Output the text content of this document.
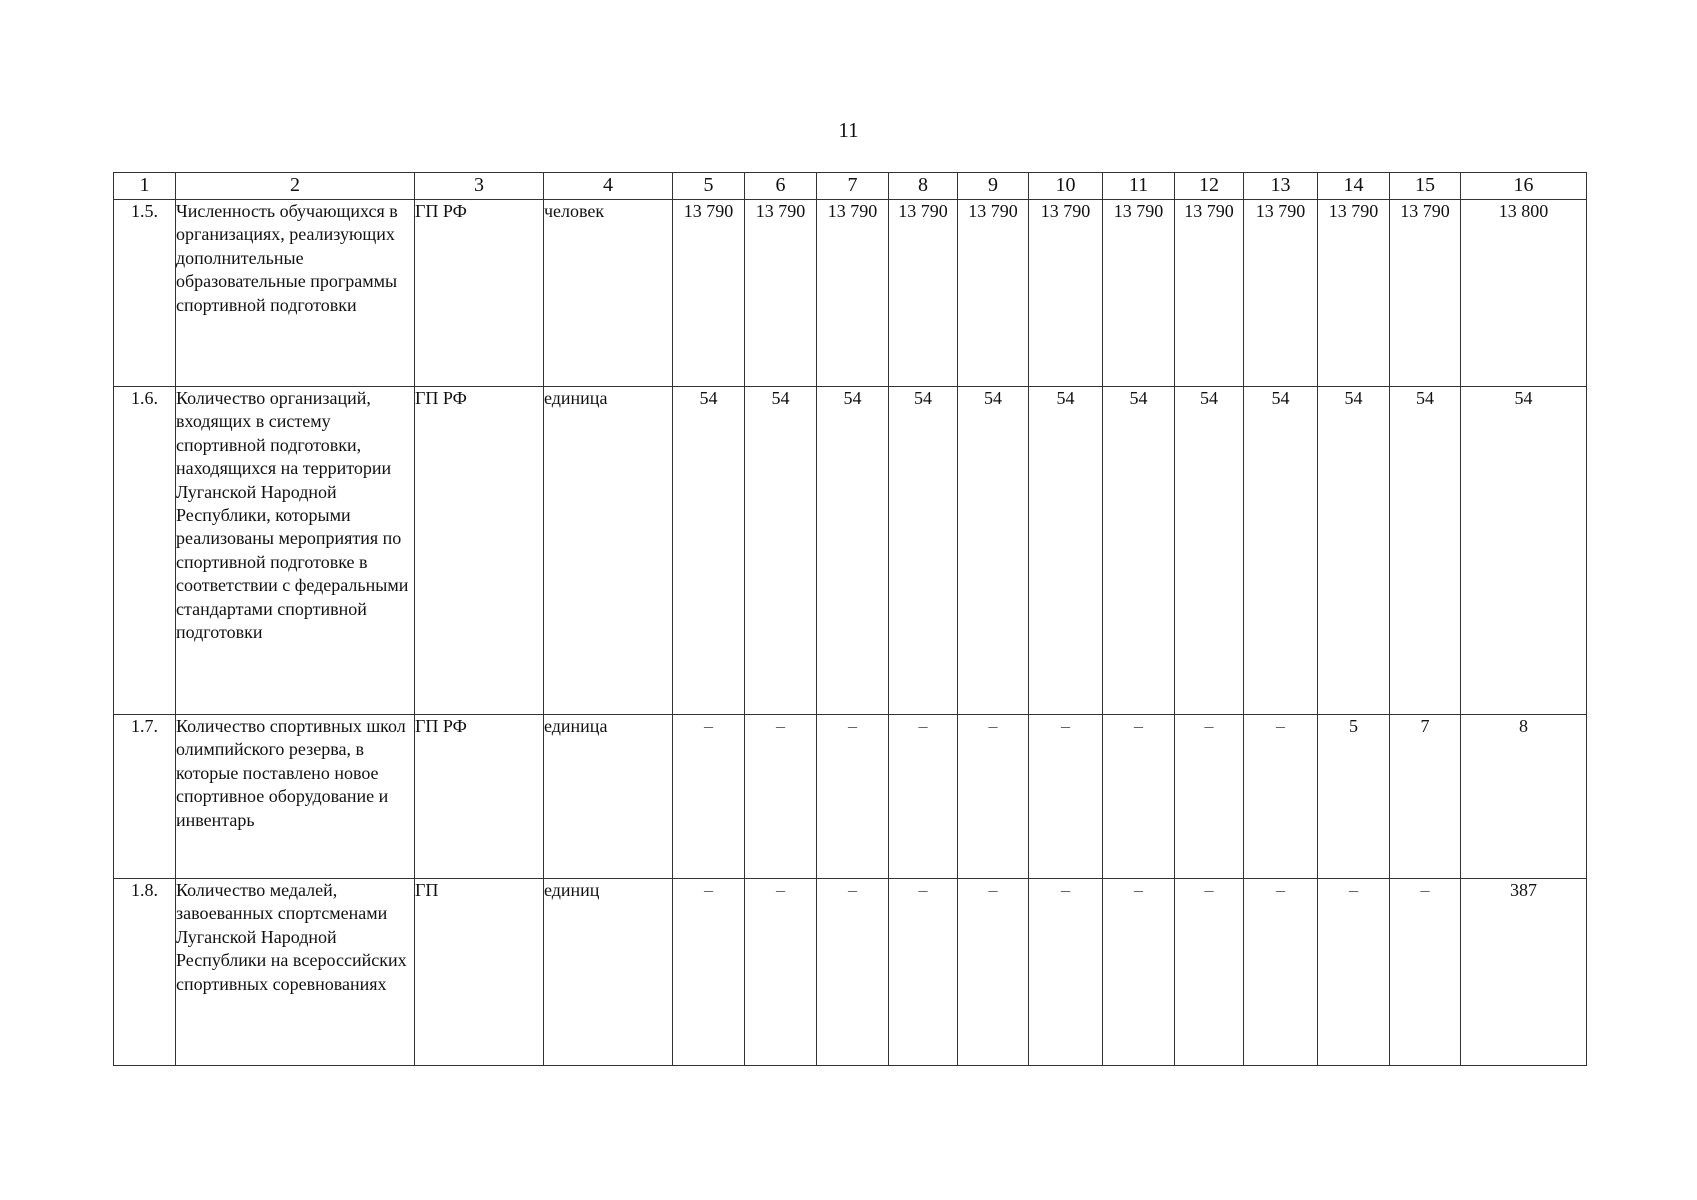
11
1	2	3	4	5	6	7	8	9	10	11	12	13	14	15	16
1.5.	Численность обучающихся в организациях, реализующих дополнительные образовательные программы спортивной подготовки	ГП РФ	человек	13 790	13 790	13 790	13 790	13 790	13 790	13 790	13 790	13 790	13 790	13 790	13 800
1.6.	Количество организаций, входящих в систему спортивной подготовки, находящихся на территории Луганской Народной Республики, которыми реализованы мероприятия по спортивной подготовке в соответствии с федеральными стандартами спортивной подготовки	ГП РФ	единица	54	54	54	54	54	54	54	54	54	54	54	54
1.7.	Количество спортивных школ олимпийского резерва, в которые поставлено новое спортивное оборудование и инвентарь	ГП РФ	единица	–	–	–	–	–	–	–	–	–	5	7	8
1.8.	Количество медалей, завоеванных спортсменами Луганской Народной Республики на всероссийских спортивных соревнованиях	ГП	единиц	–	–	–	–	–	–	–	–	–	–	–	387
